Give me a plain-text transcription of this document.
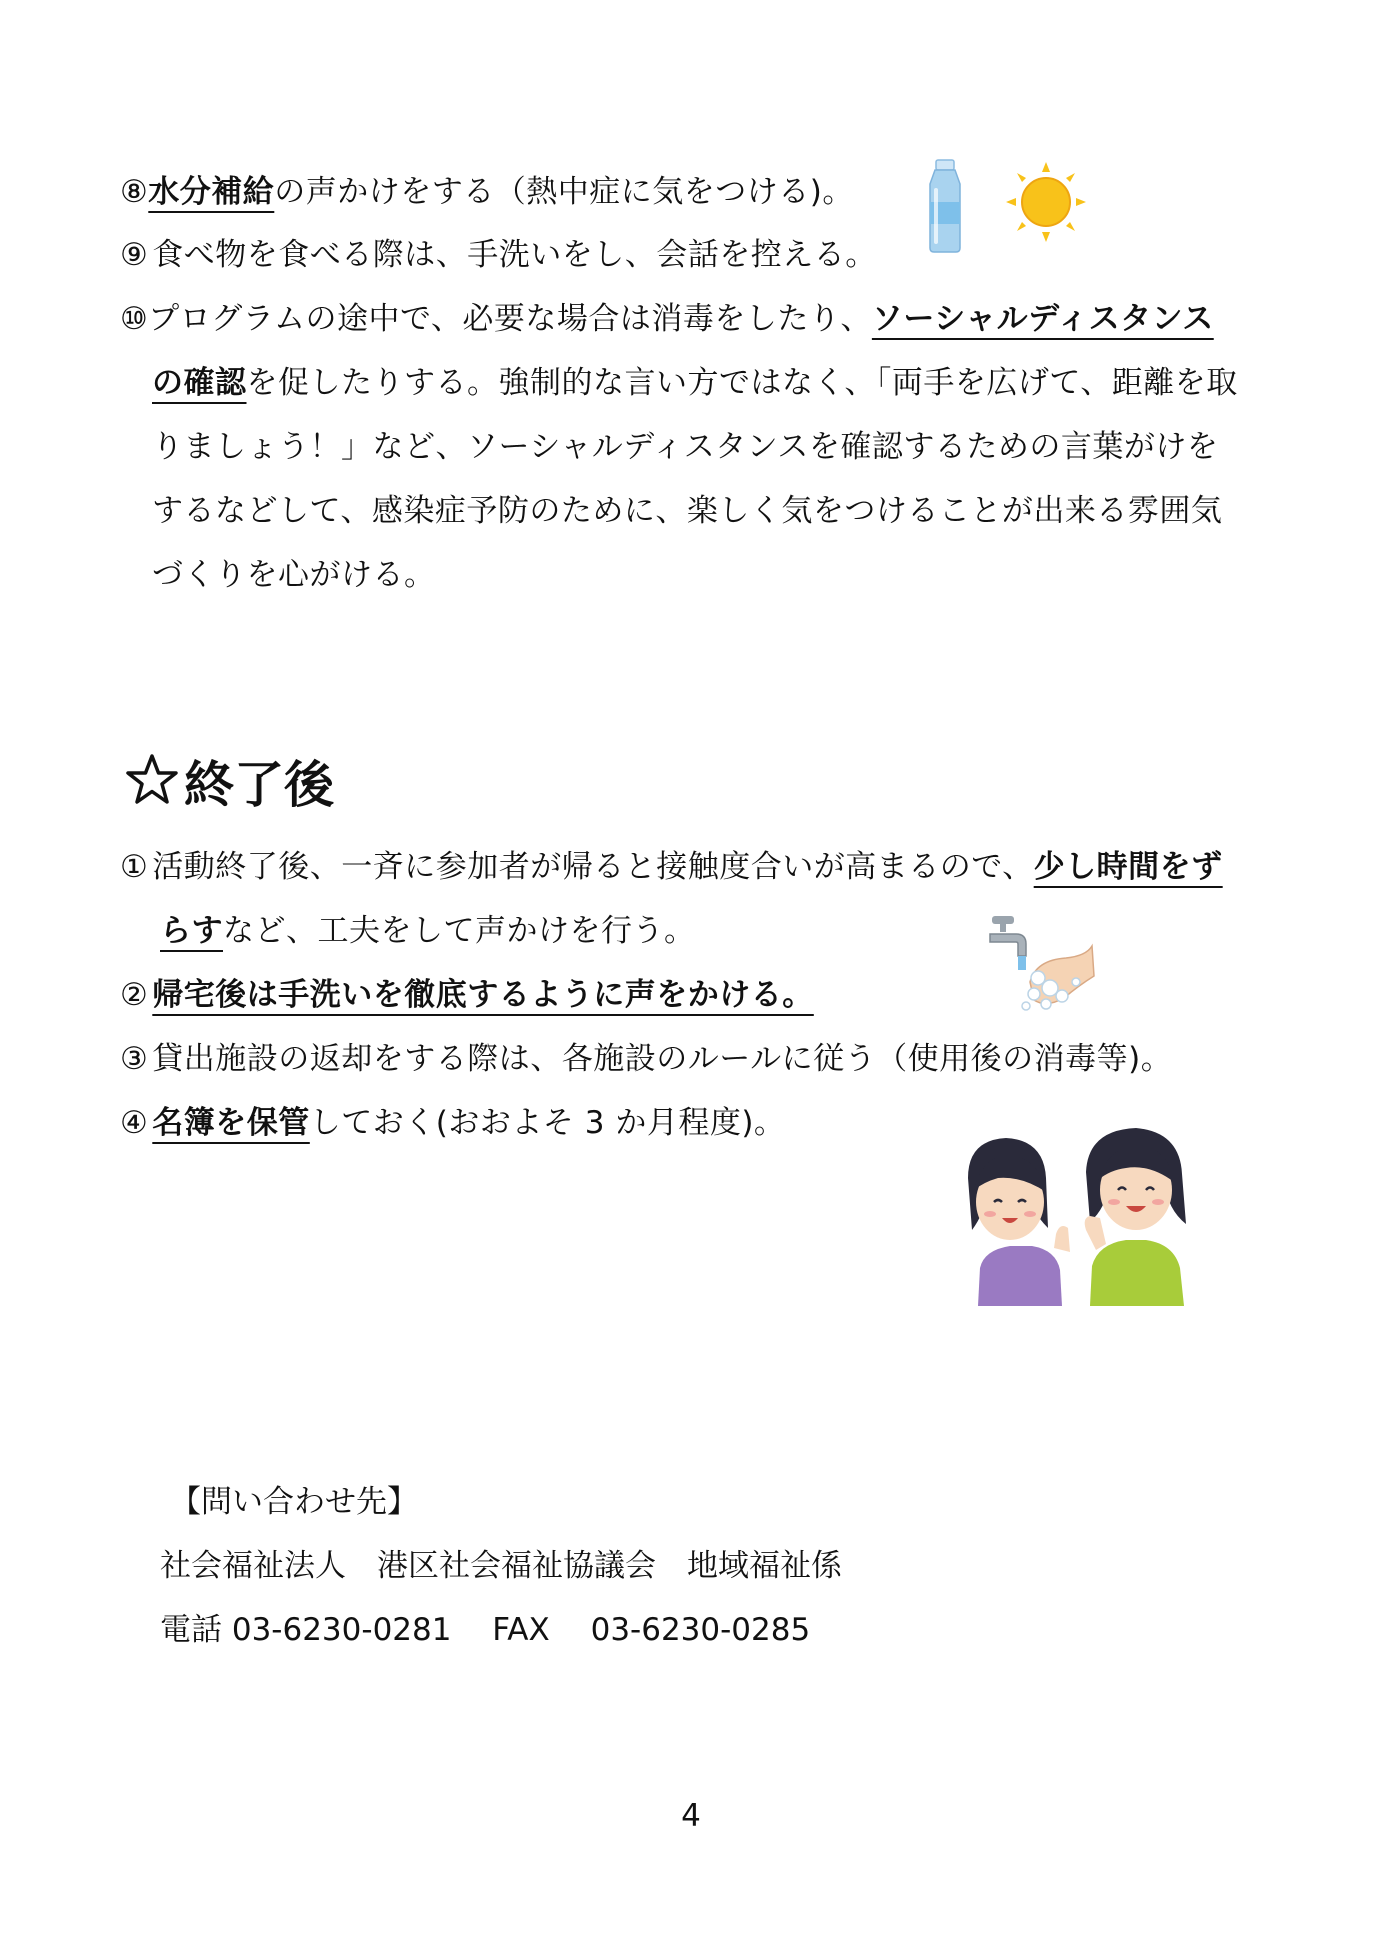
⑧水分補給の声かけをする（熱中症に気をつける)。
⑨ 食べ物を食べる際は、手洗いをし、会話を控える。
⑩プログラムの途中で、必要な場合は消毒をしたり、ソーシャルディスタンス
の確認を促したりする。強制的な言い方ではなく、「両手を広げて、距離を取
りましょう！」など、ソーシャルディスタンスを確認するための言葉がけを
するなどして、感染症予防のために、楽しく気をつけることが出来る雰囲気
づくりを心がける。
終了後
① 活動終了後、一斉に参加者が帰ると接触度合いが高まるので、少し時間をず
らすなど、工夫をして声かけを行う。
② 帰宅後は手洗いを徹底するように声をかける。
③ 貸出施設の返却をする際は、各施設のルールに従う（使用後の消毒等)。
④ 名簿を保管しておく(おおよそ 3 か月程度)。
【問い合わせ先】
社会福祉法人　港区社会福祉協議会　地域福祉係
電話 03-6230-0281　 FAX　 03-6230-0285
4
